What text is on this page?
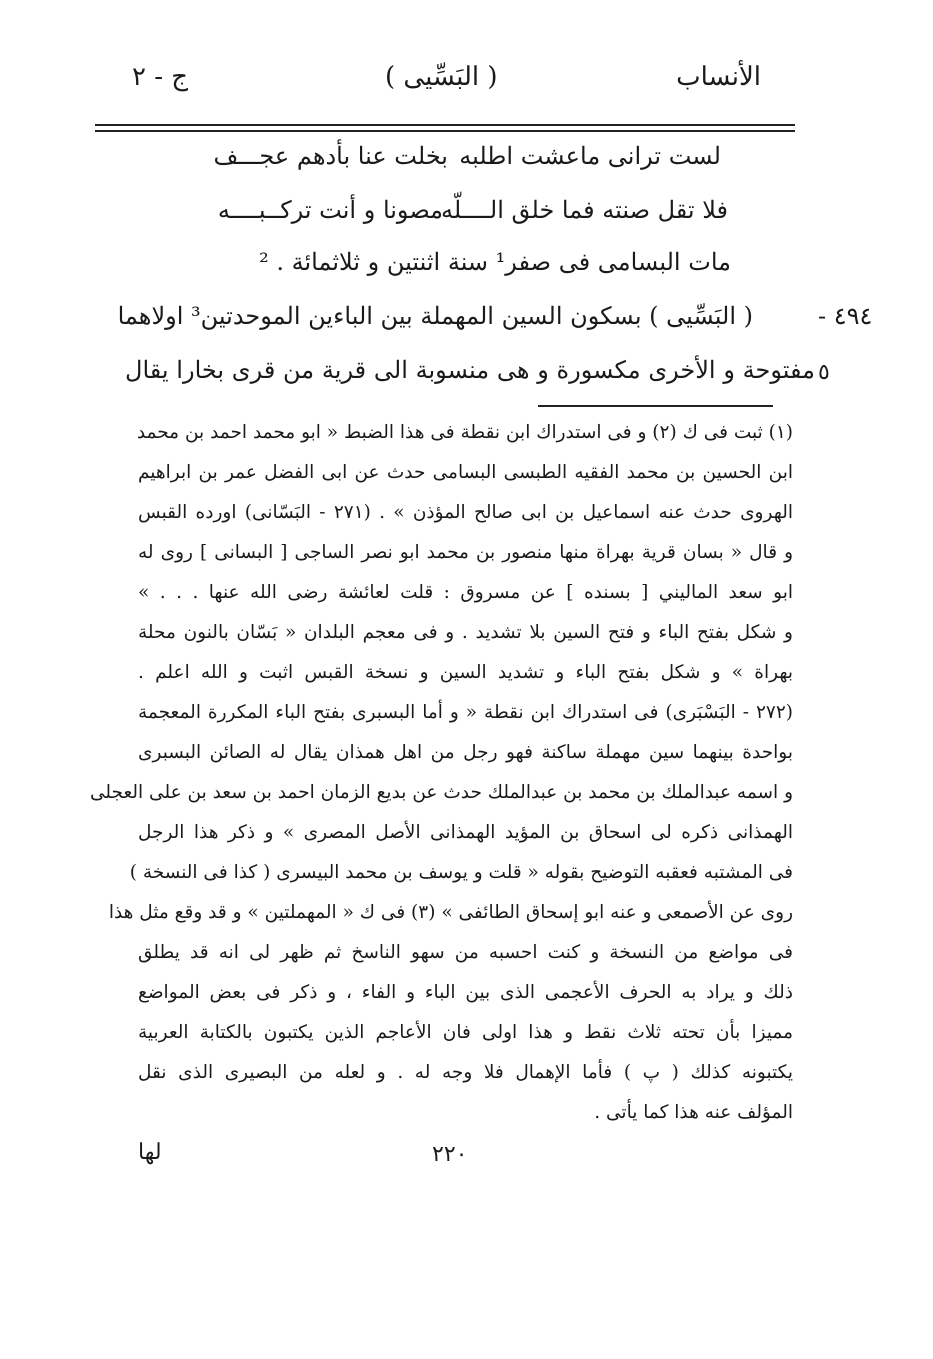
الأنساب
( البَسِّيى )
ج - ٢
لست ترانى ماعشت اطلبه
بخلت عنا بأدهم عجـــف
فلا تقل صنته فما خلق الــــلّه
مصونا و أنت تركــبــــه
مات البسامى فى صفر¹ سنة اثنتين و ثلاثمائة . ²
٤٩٤ -
( البَسِّيى ) بسكون السين المهملة بين الباءين الموحدتين³ اولاهما
مفتوحة و الأخرى مكسورة و هى منسوبة الى قرية من قرى بخارا يقال ٥
(١) ثبت فى ك (٢) و فى استدراك ابن نقطة فى هذا الضبط « ابو محمد احمد بن محمد
ابن الحسين بن محمد الفقيه الطبسى البسامى حدث عن ابى الفضل عمر بن ابراهيم
الهروى حدث عنه اسماعيل بن ابى صالح المؤذن » . (٢٧١ - البَسّانى) اورده القبس
و قال « بسان قرية بهراة منها منصور بن محمد ابو نصر الساجى [ البسانى ] روى له
ابو سعد الماليني [ بسنده ] عن مسروق : قلت لعائشة رضى الله عنها . . . »
و شكل بفتح الباء و فتح السين بلا تشديد . و فى معجم البلدان « بَسّان بالنون محلة
بهراة » و شكل بفتح الباء و تشديد السين و نسخة القبس اثبت و الله اعلم .
(٢٧٢ - البَسْبَرى) فى استدراك ابن نقطة « و أما البسبرى بفتح الباء المكررة المعجمة
بواحدة بينهما سين مهملة ساكنة فهو رجل من اهل همذان يقال له الصائن البسبرى
و اسمه عبدالملك بن محمد بن عبدالملك حدث عن بديع الزمان احمد بن سعد بن على العجلى
الهمذانى ذكره لى اسحاق بن المؤيد الهمذانى الأصل المصرى » و ذكر هذا الرجل
فى المشتبه فعقبه التوضيح بقوله « قلت و يوسف بن محمد البيسرى ( كذا فى النسخة )
روى عن الأصمعى و عنه ابو إسحاق الطائفى » (٣) فى ك « المهملتين » و قد وقع مثل هذا
فى مواضع من النسخة و كنت احسبه من سهو الناسخ ثم ظهر لى انه قد يطلق
ذلك و يراد به الحرف الأعجمى الذى بين الباء و الفاء ، و ذكر فى بعض المواضع
مميزا بأن تحته ثلاث نقط و هذا اولى فان الأعاجم الذين يكتبون بالكتابة العربية
يكتبونه كذلك ( پ ) فأما الإهمال فلا وجه له . و لعله من البصيرى الذى نقل
المؤلف عنه هذا كما يأتى .
٢٢٠
لها
